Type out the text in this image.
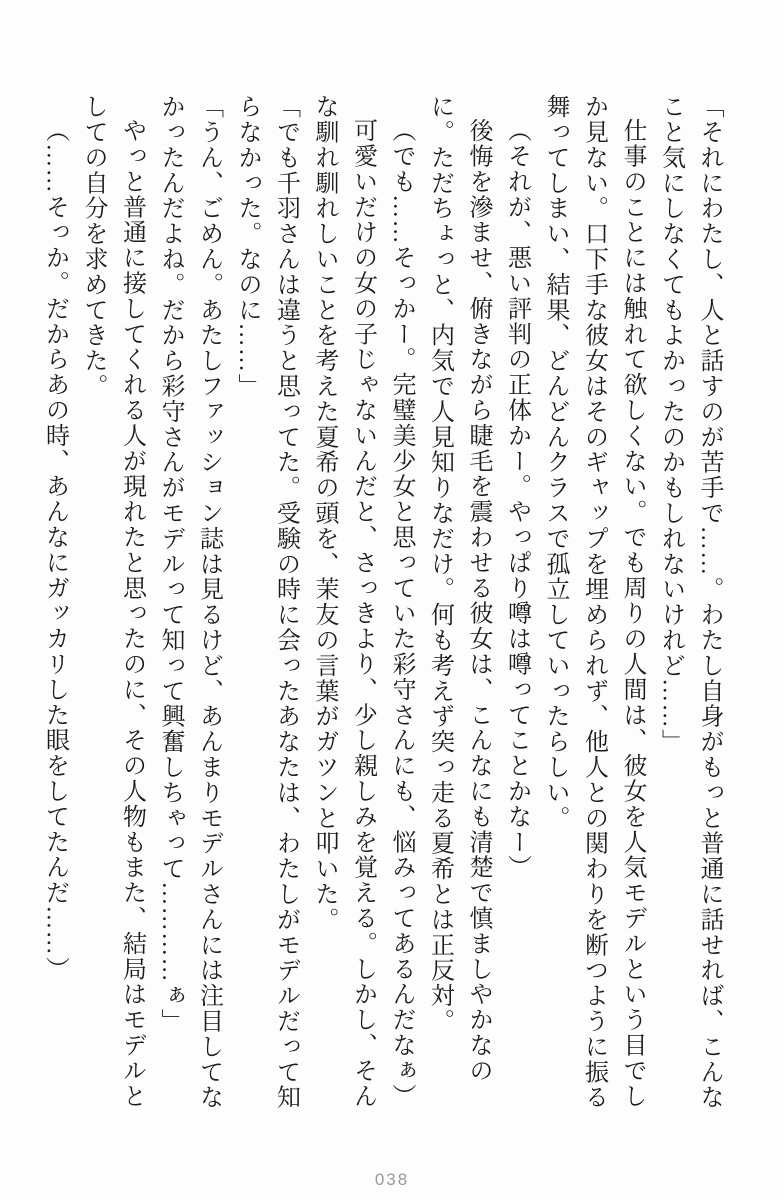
「それにわたし、人と話すのが苦手で……。わたし自身がもっと普通に話せれば、こんなこと気にしなくてもよかったのかもしれないけれど……」

仕事のことには触れて欲しくない。でも周りの人間は、彼女を人気モデルという目でしか見ない。口下手な彼女はそのギャップを埋められず、他人との関わりを断つように振る舞ってしまい、結果、どんどんクラスで孤立していったらしい。

（それが、悪い評判の正体かー。やっぱり噂は噂ってことかなー）

後悔を滲ませ、俯きながら睫毛を震わせる彼女は、こんなにも清楚で慎ましやかなのに。ただちょっと、内気で人見知りなだけ。何も考えず突っ走る夏希とは正反対。

（でも……そっかー。完璧美少女と思っていた彩守さんにも、悩みってあるんだなぁ）

可愛いだけの女の子じゃないんだと、さっきより、少し親しみを覚える。しかし、そんな馴れ馴れしいことを考えた夏希の頭を、茉友の言葉がガツンと叩いた。

「でも千羽さんは違うと思ってた。受験の時に会ったあなたは、わたしがモデルだって知らなかった。なのに……」

「うん、ごめん。あたしファッション誌は見るけど、あんまりモデルさんには注目してなかったんだよね。だから彩守さんがモデルって知って興奮しちゃって…………ぁ」

やっと普通に接してくれる人が現れたと思ったのに、その人物もまた、結局はモデルとしての自分を求めてきた。

（……そっか。だからあの時、あんなにガッカリした眼をしてたんだ……）

038
